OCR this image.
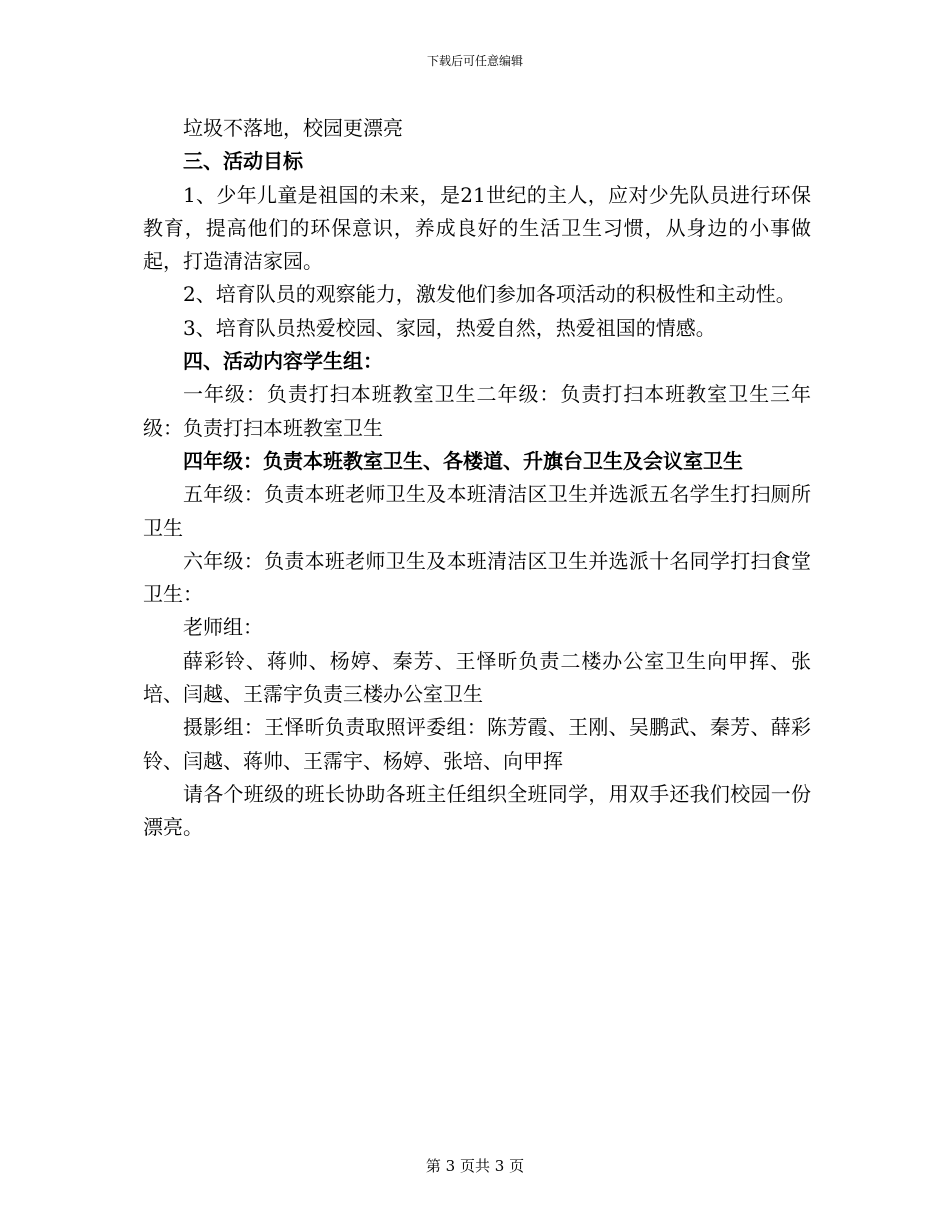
下载后可任意编辑

垃圾不落地，校园更漂亮

三、活动目标

1、少年儿童是祖国的未来，是21世纪的主人，应对少先队员进行环保教育，提高他们的环保意识，养成良好的生活卫生习惯，从身边的小事做起，打造清洁家园。

2、培育队员的观察能力，激发他们参加各项活动的积极性和主动性。

3、培育队员热爱校园、家园，热爱自然，热爱祖国的情感。

四、活动内容学生组：

一年级：负责打扫本班教室卫生二年级：负责打扫本班教室卫生三年级：负责打扫本班教室卫生

四年级：负责本班教室卫生、各楼道、升旗台卫生及会议室卫生

五年级：负责本班老师卫生及本班清洁区卫生并选派五名学生打扫厕所卫生

六年级：负责本班老师卫生及本班清洁区卫生并选派十名同学打扫食堂卫生：

老师组：

薛彩铃、蒋帅、杨婷、秦芳、王怿昕负责二楼办公室卫生向甲挥、张培、闫越、王霈宇负责三楼办公室卫生

摄影组：王怿昕负责取照评委组：陈芳霞、王刚、吴鹏武、秦芳、薛彩铃、闫越、蒋帅、王霈宇、杨婷、张培、向甲挥

请各个班级的班长协助各班主任组织全班同学，用双手还我们校园一份漂亮。

第 3 页共 3 页
